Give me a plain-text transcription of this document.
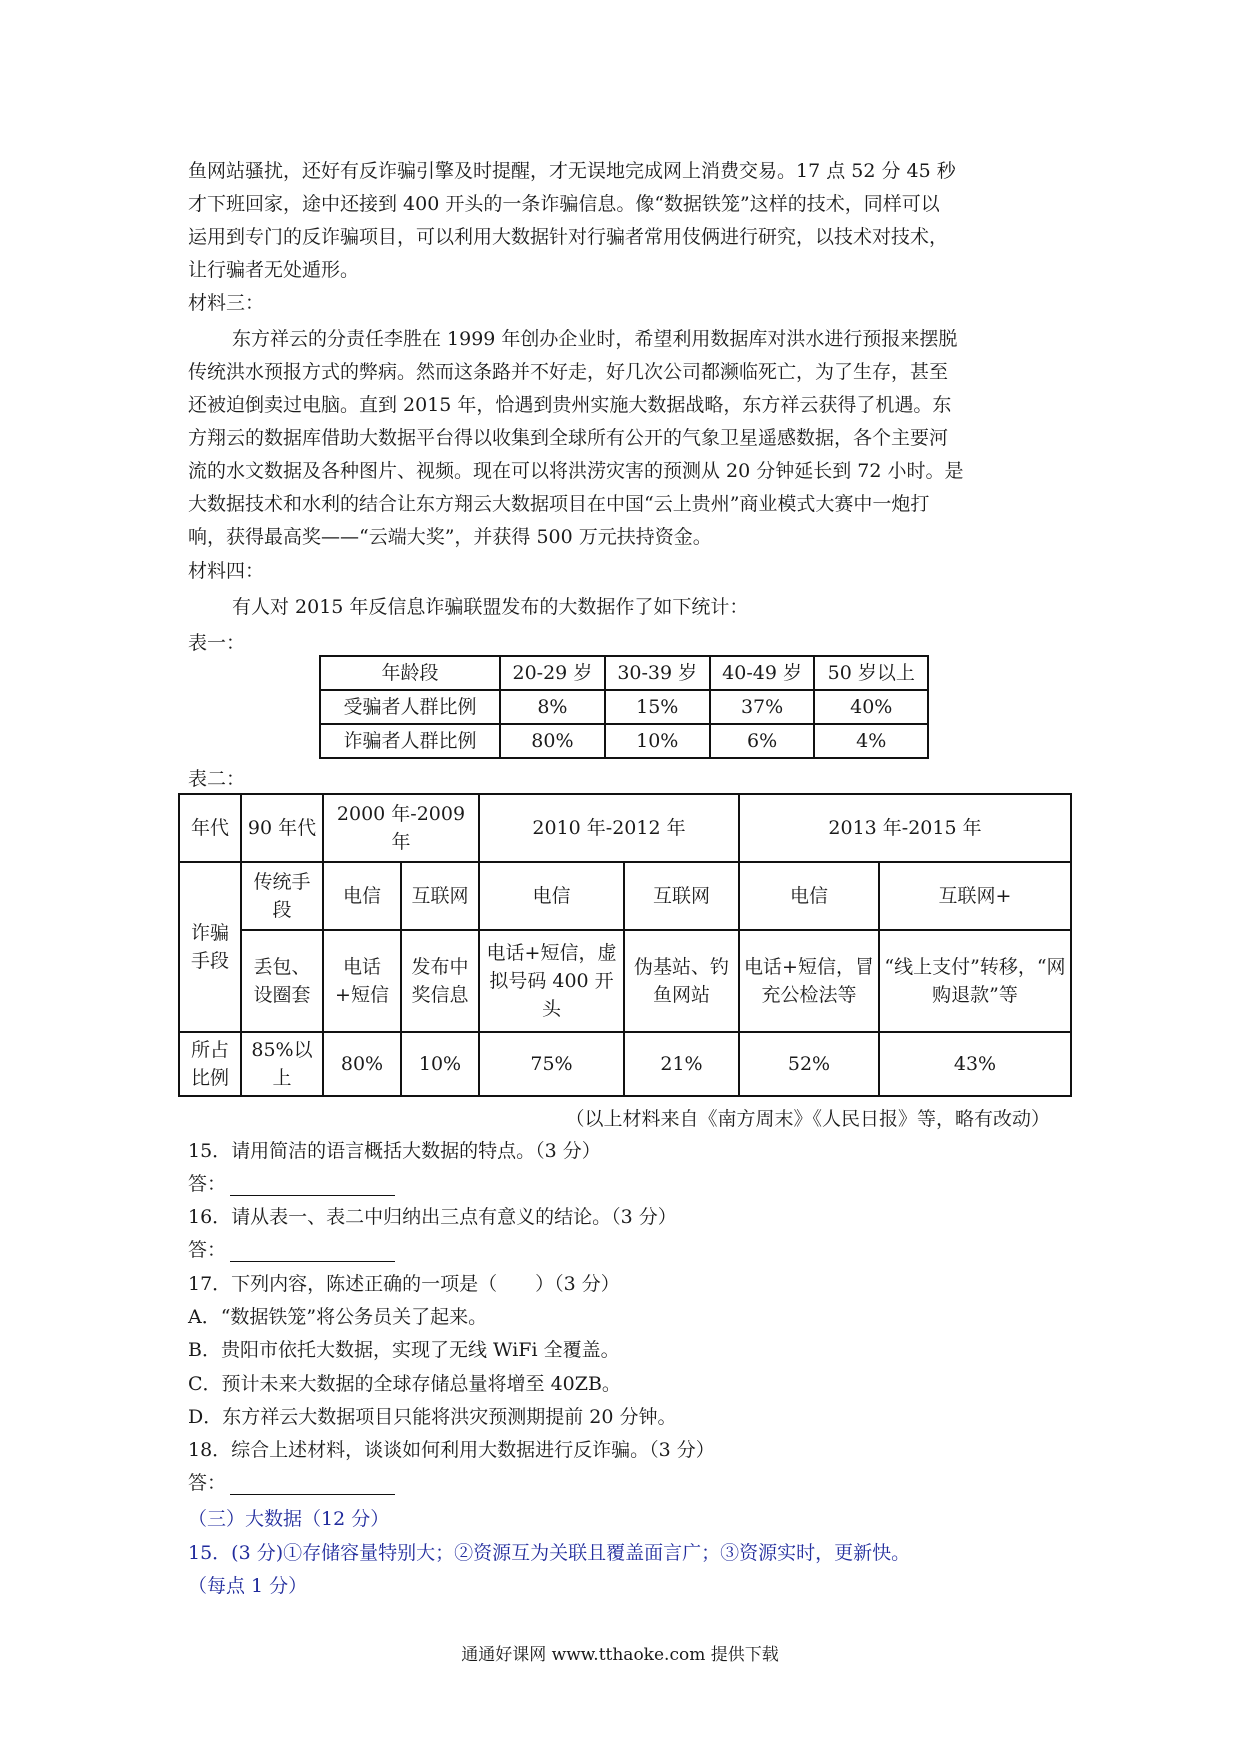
鱼网站骚扰，还好有反诈骗引擎及时提醒，才无误地完成网上消费交易。17 点 52 分 45 秒
才下班回家，途中还接到 400 开头的一条诈骗信息。像“数据铁笼”这样的技术，同样可以
运用到专门的反诈骗项目，可以利用大数据针对行骗者常用伎俩进行研究，以技术对技术，
让行骗者无处遁形。
材料三：
东方祥云的分责任李胜在 1999 年创办企业时，希望利用数据库对洪水进行预报来摆脱
传统洪水预报方式的弊病。然而这条路并不好走，好几次公司都濒临死亡，为了生存，甚至
还被迫倒卖过电脑。直到 2015 年，恰遇到贵州实施大数据战略，东方祥云获得了机遇。东
方翔云的数据库借助大数据平台得以收集到全球所有公开的气象卫星遥感数据，各个主要河
流的水文数据及各种图片、视频。现在可以将洪涝灾害的预测从 20 分钟延长到 72 小时。是
大数据技术和水利的结合让东方翔云大数据项目在中国“云上贵州”商业模式大赛中一炮打
响，获得最高奖——“云端大奖”，并获得 500 万元扶持资金。
材料四：
有人对 2015 年反信息诈骗联盟发布的大数据作了如下统计：
表一：
年龄段	20-29 岁	30-39 岁	40-49 岁	50 岁以上
受骗者人群比例	8%	15%	37%	40%
诈骗者人群比例	80%	10%	6%	4%
表二：
年代	90 年代	2000 年-2009 年		2010 年-2012 年		2013 年-2015 年	
诈骗手段	传统手段	电信	互联网	电信	互联网	电信	互联网+
	丢包、设圈套	电话+短信	发布中奖信息	电话+短信，虚拟号码 400 开头	伪基站、钓鱼网站	电话+短信，冒充公检法等	“线上支付”转移，“网购退款”等
所占比例	85%以上	80%	10%	75%	21%	52%	43%
（以上材料来自《南方周末》《人民日报》等，略有改动）
15．请用简洁的语言概括大数据的特点。（3 分）
答：
16．请从表一、表二中归纳出三点有意义的结论。（3 分）
答：
17．下列内容，陈述正确的一项是（　　）（3 分）
A．“数据铁笼”将公务员关了起来。
B．贵阳市依托大数据，实现了无线 WiFi 全覆盖。
C．预计未来大数据的全球存储总量将增至 40ZB。
D．东方祥云大数据项目只能将洪灾预测期提前 20 分钟。
18．综合上述材料，谈谈如何利用大数据进行反诈骗。（3 分）
答：
（三）大数据（12 分）
15．(3 分)①存储容量特别大；②资源互为关联且覆盖面言广；③资源实时，更新快。
（每点 1 分）
通通好课网 www.tthaoke.com 提供下载
